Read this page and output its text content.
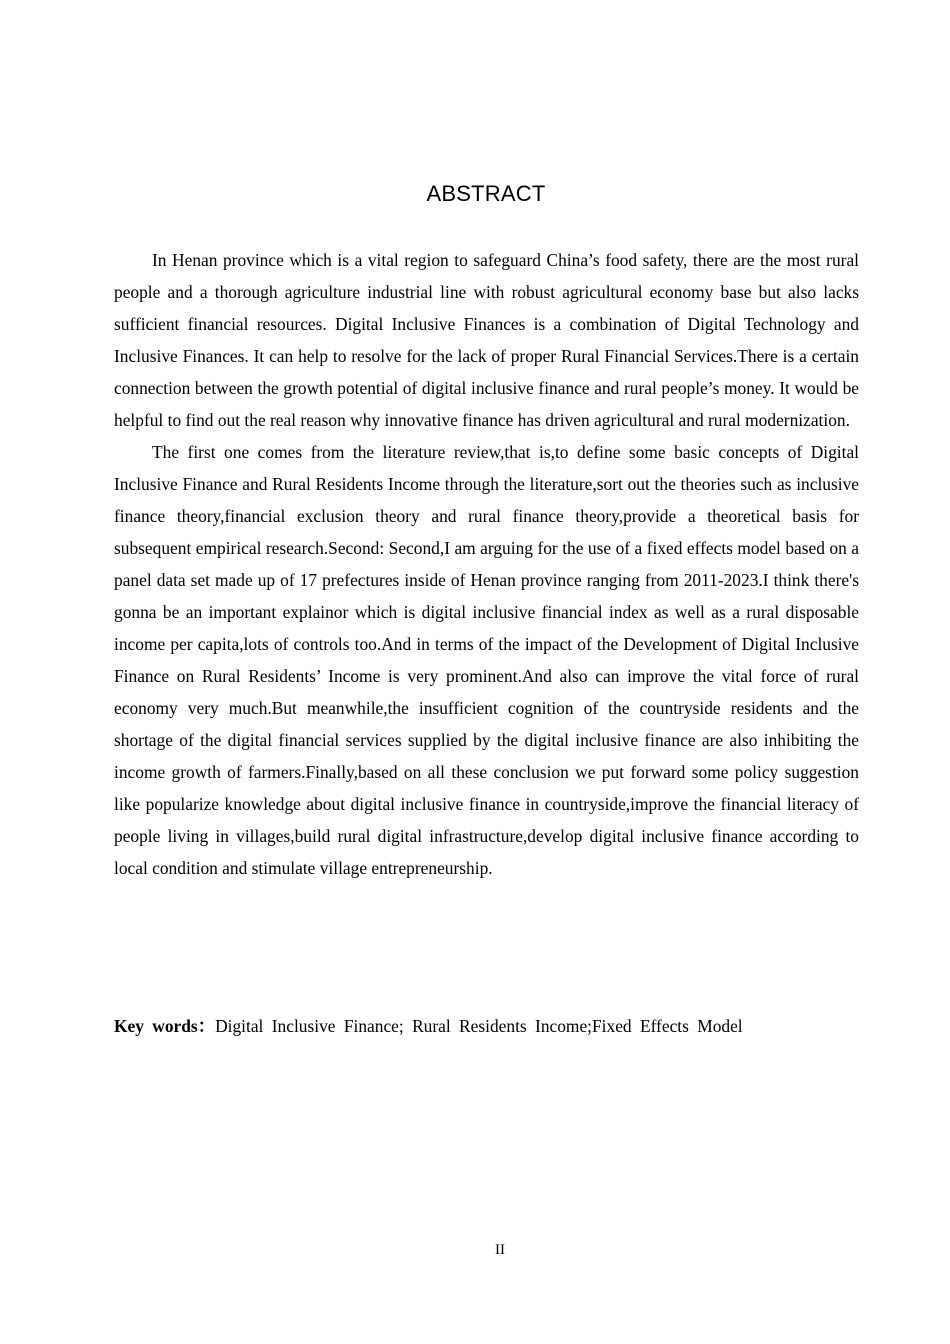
ABSTRACT

In Henan province which is a vital region to safeguard China’s food safety, there are the most rural people and a thorough agriculture industrial line with robust agricultural economy base but also lacks sufficient financial resources. Digital Inclusive Finances is a combination of Digital Technology and Inclusive Finances. It can help to resolve for the lack of proper Rural Financial Services.There is a certain connection between the growth potential of digital inclusive finance and rural people’s money. It would be helpful to find out the real reason why innovative finance has driven agricultural and rural modernization.

The first one comes from the literature review,that is,to define some basic concepts of Digital Inclusive Finance and Rural Residents Income through the literature,sort out the theories such as inclusive finance theory,financial exclusion theory and rural finance theory,provide a theoretical basis for subsequent empirical research.Second: Second,I am arguing for the use of a fixed effects model based on a panel data set made up of 17 prefectures inside of Henan province ranging from 2011-2023.I think there's gonna be an important explainor which is digital inclusive financial index as well as a rural disposable income per capita,lots of controls too.And in terms of the impact of the Development of Digital Inclusive Finance on Rural Residents’ Income is very prominent.And also can improve the vital force of rural economy very much.But meanwhile,the insufficient cognition of the countryside residents and the shortage of the digital financial services supplied by the digital inclusive finance are also inhibiting the income growth of farmers.Finally,based on all these conclusion we put forward some policy suggestion like popularize knowledge about digital inclusive finance in countryside,improve the financial literacy of people living in villages,build rural digital infrastructure,develop digital inclusive finance according to local condition and stimulate village entrepreneurship.

Key words：Digital Inclusive Finance; Rural Residents Income;Fixed Effects Model
II
